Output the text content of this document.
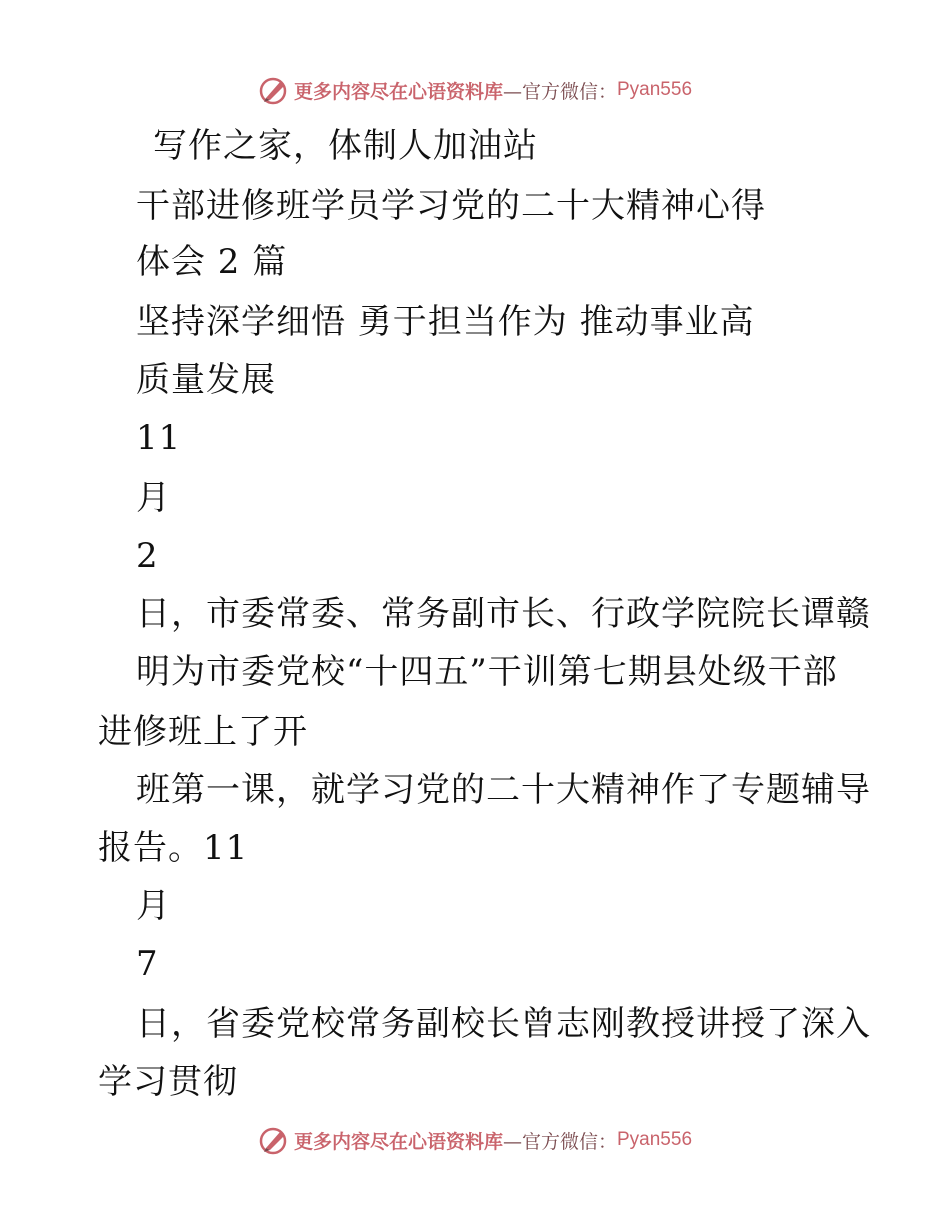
更多内容尽在心语资料库 —官方微信： Pyan556
写作之家，体制人加油站
干部进修班学员学习党的二十大精神心得
体会 2 篇
坚持深学细悟 勇于担当作为 推动事业高
质量发展
11
月
2
日，市委常委、常务副市长、行政学院院长谭赣
明为市委党校“十四五”干训第七期县处级干部
进修班上了开
班第一课，就学习党的二十大精神作了专题辅导
报告。11
月
7
日，省委党校常务副校长曾志刚教授讲授了深入
学习贯彻
更多内容尽在心语资料库 —官方微信： Pyan556
